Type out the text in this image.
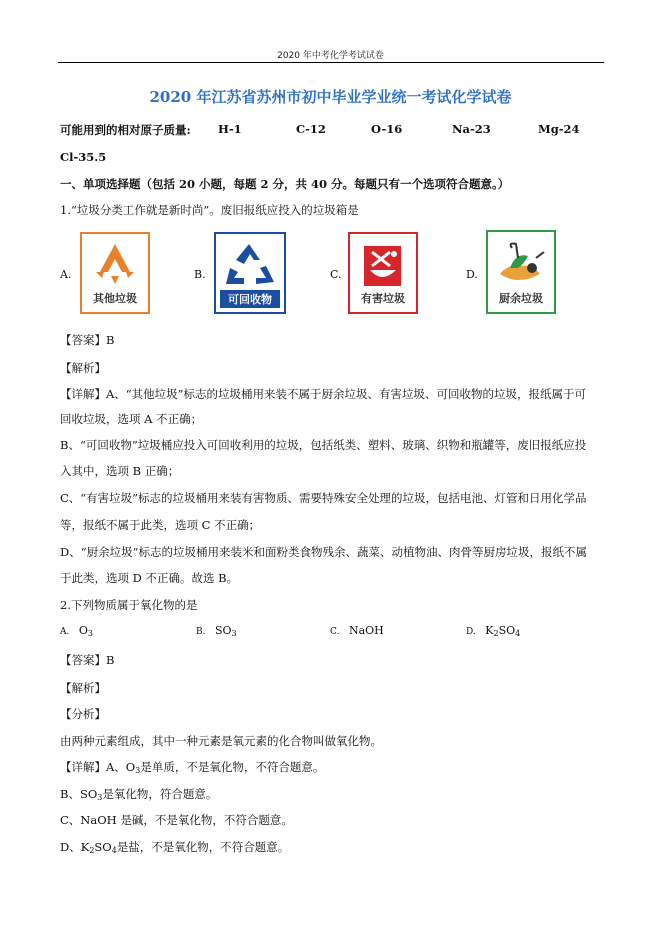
2020 年中考化学考试试卷
2020 年江苏省苏州市初中毕业学业统一考试化学试卷
可能用到的相对原子质量: H-1	C-12	O-16	Na-23	Mg-24
Cl-35.5
一、单项选择题（包括 20 小题，每题 2 分，共 40 分。每题只有一个选项符合题意。）
1.“垃圾分类工作就是新时尚”。废旧报纸应投入的垃圾箱是
A.
其他垃圾
B.
可回收物
C.
有害垃圾
D.
厨余垃圾
【答案】B
【解析】
【详解】A、“其他垃圾”标志的垃圾桶用来装不属于厨余垃圾、有害垃圾、可回收物的垃圾，报纸属于可
回收垃圾，选项 A 不正确；
B、“可回收物”垃圾桶应投入可回收利用的垃圾，包括纸类、塑料、玻璃、织物和瓶罐等，废旧报纸应投
入其中，选项 B 正确；
C、“有害垃圾”标志的垃圾桶用来装有害物质、需要特殊安全处理的垃圾，包括电池、灯管和日用化学品
等，报纸不属于此类，选项 C 不正确；
D、“厨余垃圾”标志的垃圾桶用来装米和面粉类食物残余、蔬菜、动植物油、肉骨等厨房垃圾，报纸不属
于此类，选项 D 不正确。故选 B。
2.下列物质属于氧化物的是
A. $O_3$	B. $SO_3$	C. NaOH	D. $K_2SO_4$
【答案】B
【解析】
【分析】
由两种元素组成，其中一种元素是氧元素的化合物叫做氧化物。
【详解】A、$O_3$是单质，不是氧化物，不符合题意。
B、$SO_3$是氧化物，符合题意。
C、NaOH 是碱，不是氧化物，不符合题意。
D、$K_2SO_4$是盐，不是氧化物，不符合题意。
